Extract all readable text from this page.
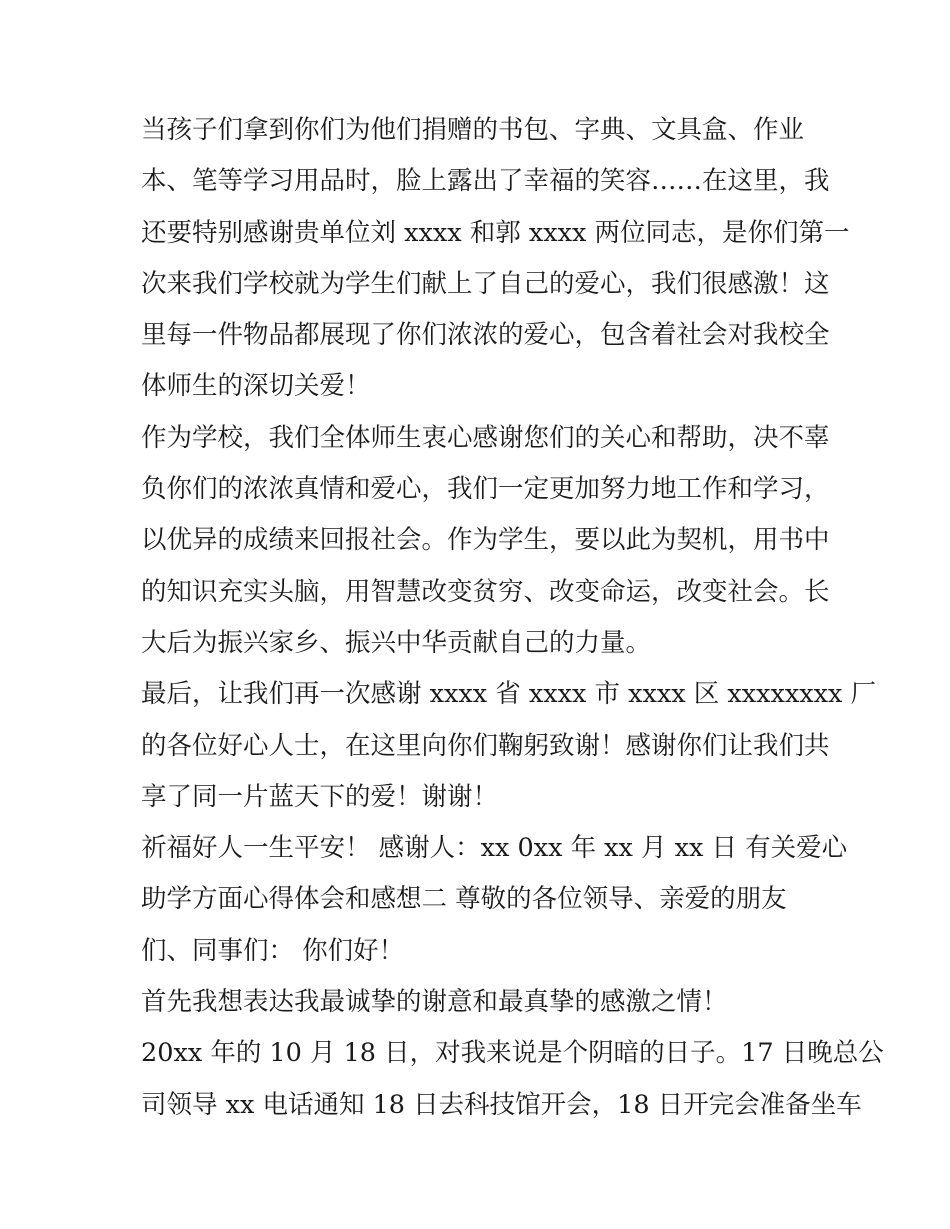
当孩子们拿到你们为他们捐赠的书包、字典、文具盒、作业
本、笔等学习用品时，脸上露出了幸福的笑容……在这里，我
还要特别感谢贵单位刘 xxxx 和郭 xxxx 两位同志，是你们第一
次来我们学校就为学生们献上了自己的爱心，我们很感激！这
里每一件物品都展现了你们浓浓的爱心，包含着社会对我校全
体师生的深切关爱！
作为学校，我们全体师生衷心感谢您们的关心和帮助，决不辜
负你们的浓浓真情和爱心，我们一定更加努力地工作和学习，
以优异的成绩来回报社会。作为学生，要以此为契机，用书中
的知识充实头脑，用智慧改变贫穷、改变命运，改变社会。长
大后为振兴家乡、振兴中华贡献自己的力量。
最后，让我们再一次感谢 xxxx 省 xxxx 市 xxxx 区 xxxxxxxx 厂
的各位好心人士，在这里向你们鞠躬致谢！感谢你们让我们共
享了同一片蓝天下的爱！谢谢！
祈福好人一生平安！ 感谢人：xx 0xx 年 xx 月 xx 日 有关爱心
助学方面心得体会和感想二 尊敬的各位领导、亲爱的朋友
们、同事们： 你们好！
首先我想表达我最诚挚的谢意和最真挚的感激之情！
20xx 年的 10 月 18 日，对我来说是个阴暗的日子。17 日晚总公
司领导 xx 电话通知 18 日去科技馆开会，18 日开完会准备坐车
